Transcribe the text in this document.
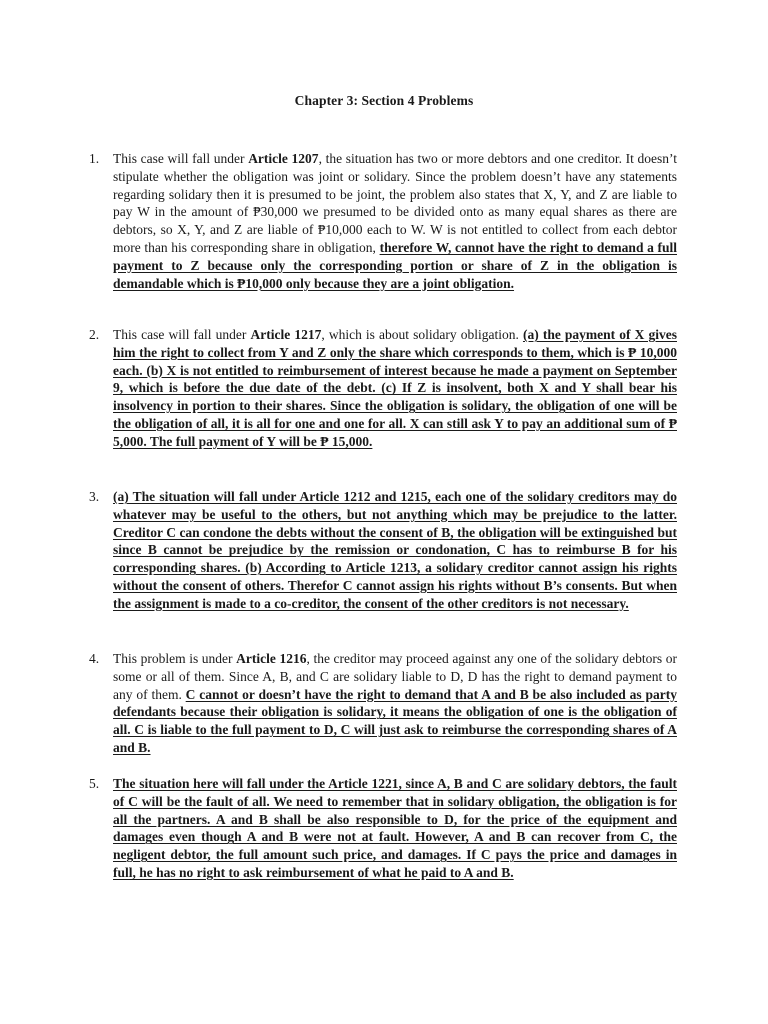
Chapter 3: Section 4 Problems
1. This case will fall under Article 1207, the situation has two or more debtors and one creditor. It doesn’t stipulate whether the obligation was joint or solidary. Since the problem doesn’t have any statements regarding solidary then it is presumed to be joint, the problem also states that X, Y, and Z are liable to pay W in the amount of ₱30,000 we presumed to be divided onto as many equal shares as there are debtors, so X, Y, and Z are liable of ₱10,000 each to W. W is not entitled to collect from each debtor more than his corresponding share in obligation, therefore W, cannot have the right to demand a full payment to Z because only the corresponding portion or share of Z in the obligation is demandable which is ₱10,000 only because they are a joint obligation.

2. This case will fall under Article 1217, which is about solidary obligation. (a) the payment of X gives him the right to collect from Y and Z only the share which corresponds to them, which is ₱ 10,000 each. (b) X is not entitled to reimbursement of interest because he made a payment on September 9, which is before the due date of the debt. (c) If Z is insolvent, both X and Y shall bear his insolvency in portion to their shares. Since the obligation is solidary, the obligation of one will be the obligation of all, it is all for one and one for all. X can still ask Y to pay an additional sum of ₱ 5,000. The full payment of Y will be ₱ 15,000.

3. (a) The situation will fall under Article 1212 and 1215, each one of the solidary creditors may do whatever may be useful to the others, but not anything which may be prejudice to the latter. Creditor C can condone the debts without the consent of B, the obligation will be extinguished but since B cannot be prejudice by the remission or condonation, C has to reimburse B for his corresponding shares. (b) According to Article 1213, a solidary creditor cannot assign his rights without the consent of others. Therefor C cannot assign his rights without B’s consents. But when the assignment is made to a co-creditor, the consent of the other creditors is not necessary.

4. This problem is under Article 1216, the creditor may proceed against any one of the solidary debtors or some or all of them. Since A, B, and C are solidary liable to D, D has the right to demand payment to any of them. C cannot or doesn’t have the right to demand that A and B be also included as party defendants because their obligation is solidary, it means the obligation of one is the obligation of all. C is liable to the full payment to D, C will just ask to reimburse the corresponding shares of A and B.

5. The situation here will fall under the Article 1221, since A, B and C are solidary debtors, the fault of C will be the fault of all. We need to remember that in solidary obligation, the obligation is for all the partners. A and B shall be also responsible to D, for the price of the equipment and damages even though A and B were not at fault. However, A and B can recover from C, the negligent debtor, the full amount such price, and damages. If C pays the price and damages in full, he has no right to ask reimbursement of what he paid to A and B.
